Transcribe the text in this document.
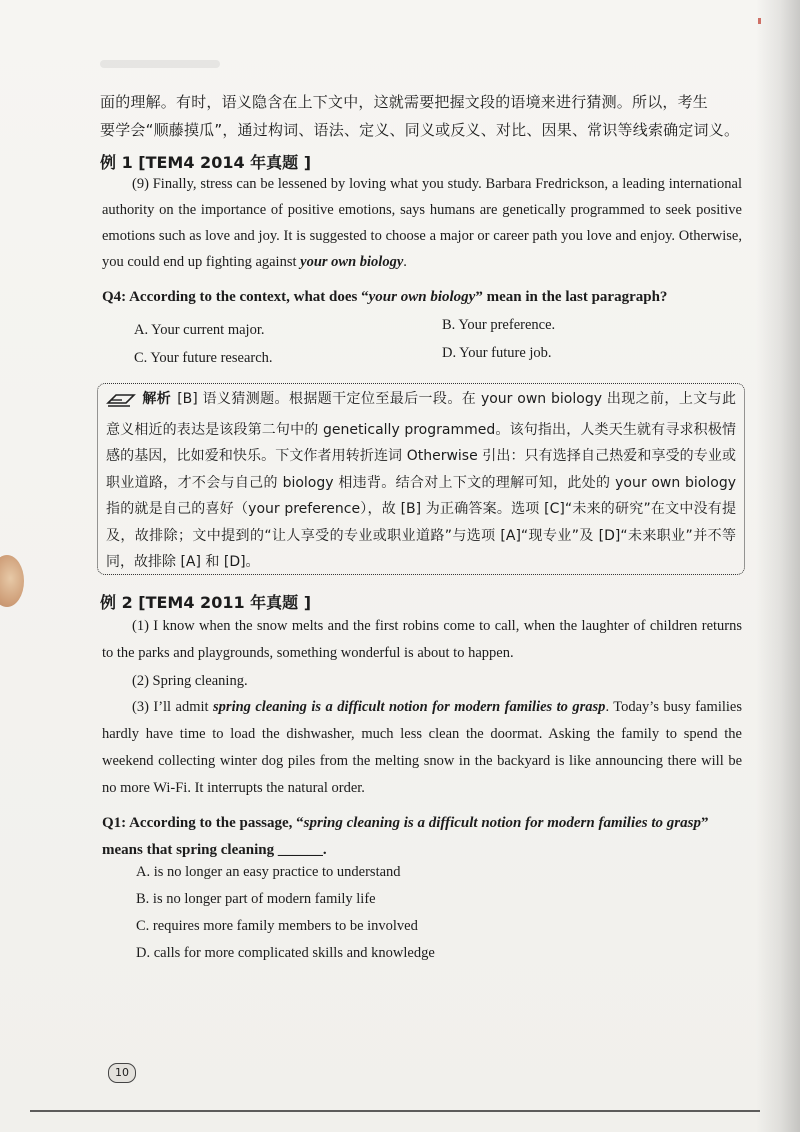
面的理解。有时，语义隐含在上下文中，这就需要把握文段的语境来进行猜测。所以，考生
要学会“顺藤摸瓜”，通过构词、语法、定义、同义或反义、对比、因果、常识等线索确定词义。
例 1 [TEM4 2014 年真题 ]
(9) Finally, stress can be lessened by loving what you study. Barbara Fredrickson, a leading international authority on the importance of positive emotions, says humans are genetically programmed to seek positive emotions such as love and joy. It is suggested to choose a major or career path you love and enjoy. Otherwise, you could end up fighting against your own biology.
Q4: According to the context, what does “your own biology” mean in the last paragraph?
A. Your current major.	B. Your preference.
C. Your future research.	D. Your future job.
解析 [B] 语义猜测题。根据题干定位至最后一段。在 your own biology 出现之前，上文与此意义相近的表达是该段第二句中的 genetically programmed。该句指出，人类天生就有寻求积极情感的基因，比如爱和快乐。下文作者用转折连词 Otherwise 引出：只有选择自己热爱和享受的专业或职业道路，才不会与自己的 biology 相违背。结合对上下文的理解可知，此处的 your own biology 指的就是自己的喜好（your preference），故 [B] 为正确答案。选项 [C]“未来的研究”在文中没有提及，故排除；文中提到的“让人享受的专业或职业道路”与选项 [A]“现专业”及 [D]“未来职业”并不等同，故排除 [A] 和 [D]。
例 2 [TEM4 2011 年真题 ]
(1) I know when the snow melts and the first robins come to call, when the laughter of children returns to the parks and playgrounds, something wonderful is about to happen.
(2) Spring cleaning.
(3) I’ll admit spring cleaning is a difficult notion for modern families to grasp. Today’s busy families hardly have time to load the dishwasher, much less clean the doormat. Asking the family to spend the weekend collecting winter dog piles from the melting snow in the backyard is like announcing there will be no more Wi-Fi. It interrupts the natural order.
Q1: According to the passage, “spring cleaning is a difficult notion for modern families to grasp” means that spring cleaning ______.
A. is no longer an easy practice to understand
B. is no longer part of modern family life
C. requires more family members to be involved
D. calls for more complicated skills and knowledge
10
